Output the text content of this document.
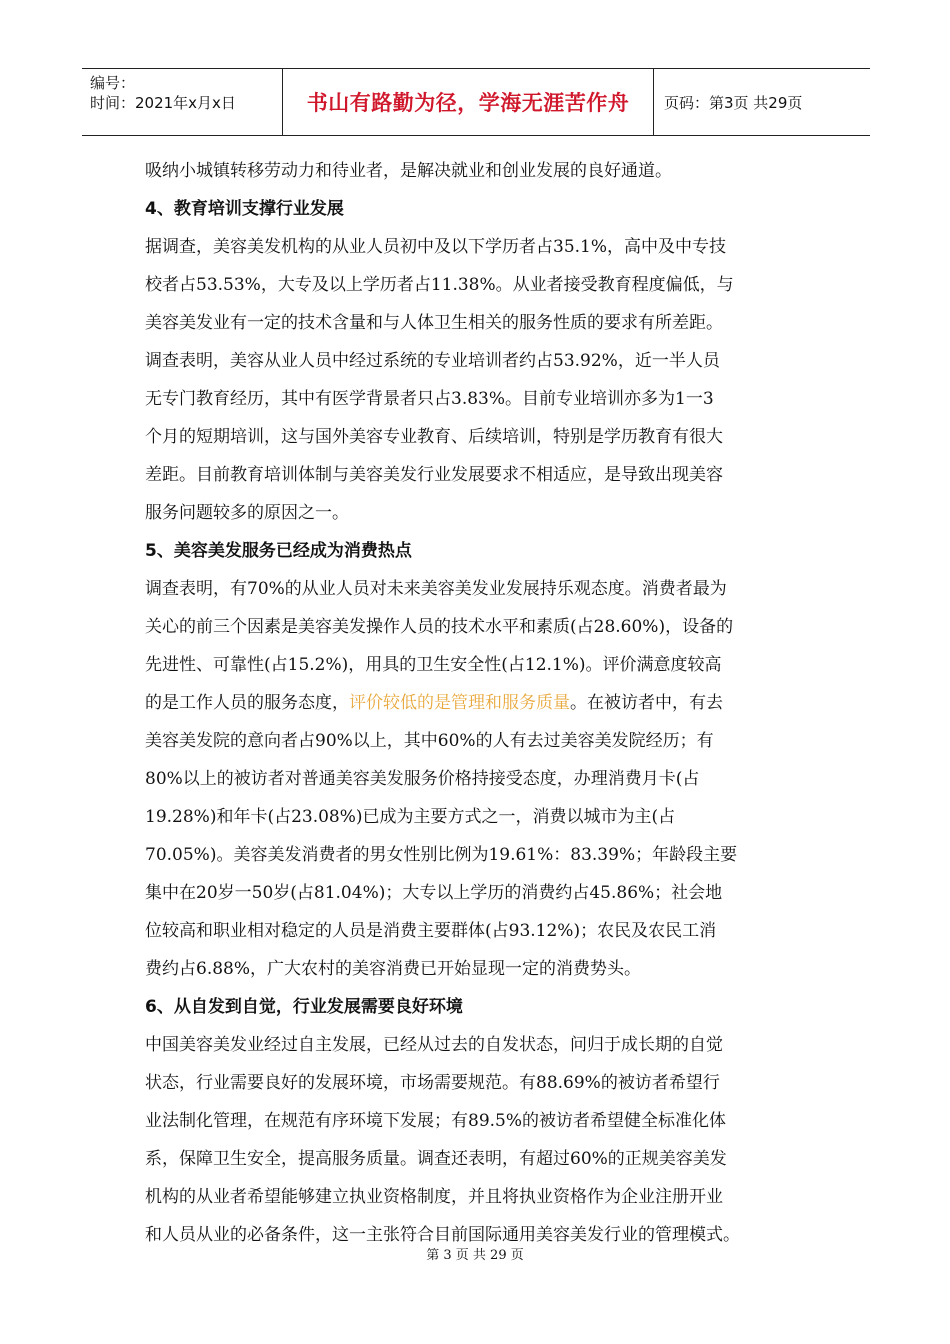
编号：
时间：2021年x月x日	书山有路勤为径，学海无涯苦作舟	页码：第3页 共29页

吸纳小城镇转移劳动力和待业者，是解决就业和创业发展的良好通道。

4、教育培训支撑行业发展

据调查，美容美发机构的从业人员初中及以下学历者占35.1%，高中及中专技

校者占53.53%，大专及以上学历者占11.38%。从业者接受教育程度偏低，与

美容美发业有一定的技术含量和与人体卫生相关的服务性质的要求有所差距。

调查表明，美容从业人员中经过系统的专业培训者约占53.92%，近一半人员

无专门教育经历，其中有医学背景者只占3.83%。目前专业培训亦多为1一3

个月的短期培训，这与国外美容专业教育、后续培训，特别是学历教育有很大

差距。目前教育培训体制与美容美发行业发展要求不相适应，是导致出现美容

服务问题较多的原因之一。

5、美容美发服务已经成为消费热点

调查表明，有70%的从业人员对未来美容美发业发展持乐观态度。消费者最为

关心的前三个因素是美容美发操作人员的技术水平和素质(占28.60%)，设备的

先进性、可靠性(占15.2%)，用具的卫生安全性(占12.1%)。评价满意度较高

的是工作人员的服务态度，评价较低的是管理和服务质量。在被访者中，有去

美容美发院的意向者占90%以上，其中60%的人有去过美容美发院经历；有

80%以上的被访者对普通美容美发服务价格持接受态度，办理消费月卡(占

19.28%)和年卡(占23.08%)已成为主要方式之一，消费以城市为主(占

70.05%)。美容美发消费者的男女性别比例为19.61%：83.39%；年龄段主要

集中在20岁一50岁(占81.04%)；大专以上学历的消费约占45.86%；社会地

位较高和职业相对稳定的人员是消费主要群体(占93.12%)；农民及农民工消

费约占6.88%，广大农村的美容消费已开始显现一定的消费势头。

6、从自发到自觉，行业发展需要良好环境

中国美容美发业经过自主发展，已经从过去的自发状态，问归于成长期的自觉

状态，行业需要良好的发展环境，市场需要规范。有88.69%的被访者希望行

业法制化管理，在规范有序环境下发展；有89.5%的被访者希望健全标准化体

系，保障卫生安全，提高服务质量。调查还表明，有超过60%的正规美容美发

机构的从业者希望能够建立执业资格制度，并且将执业资格作为企业注册开业

和人员从业的必备条件，这一主张符合目前国际通用美容美发行业的管理模式。

第 3 页 共 29 页
